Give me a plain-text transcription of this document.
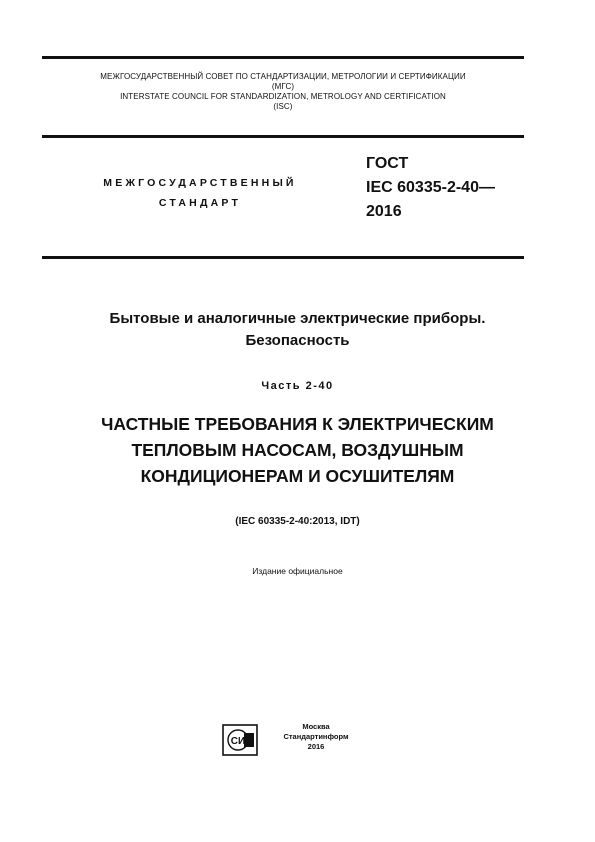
МЕЖГОСУДАРСТВЕННЫЙ СОВЕТ ПО СТАНДАРТИЗАЦИИ, МЕТРОЛОГИИ И СЕРТИФИКАЦИИ
(МГС)
INTERSTATE COUNCIL FOR STANDARDIZATION, METROLOGY AND CERTIFICATION
(ISC)
МЕЖГОСУДАРСТВЕННЫЙ
СТАНДАРТ
ГОСТ
IEC 60335-2-40—
2016
Бытовые и аналогичные электрические приборы.
Безопасность
Часть 2-40
ЧАСТНЫЕ ТРЕБОВАНИЯ К ЭЛЕКТРИЧЕСКИМ
ТЕПЛОВЫМ НАСОСАМ, ВОЗДУШНЫМ
КОНДИЦИОНЕРАМ И ОСУШИТЕЛЯМ
(IEC 60335-2-40:2013, IDT)
Издание официальное
СИ
Москва
Стандартинформ
2016
